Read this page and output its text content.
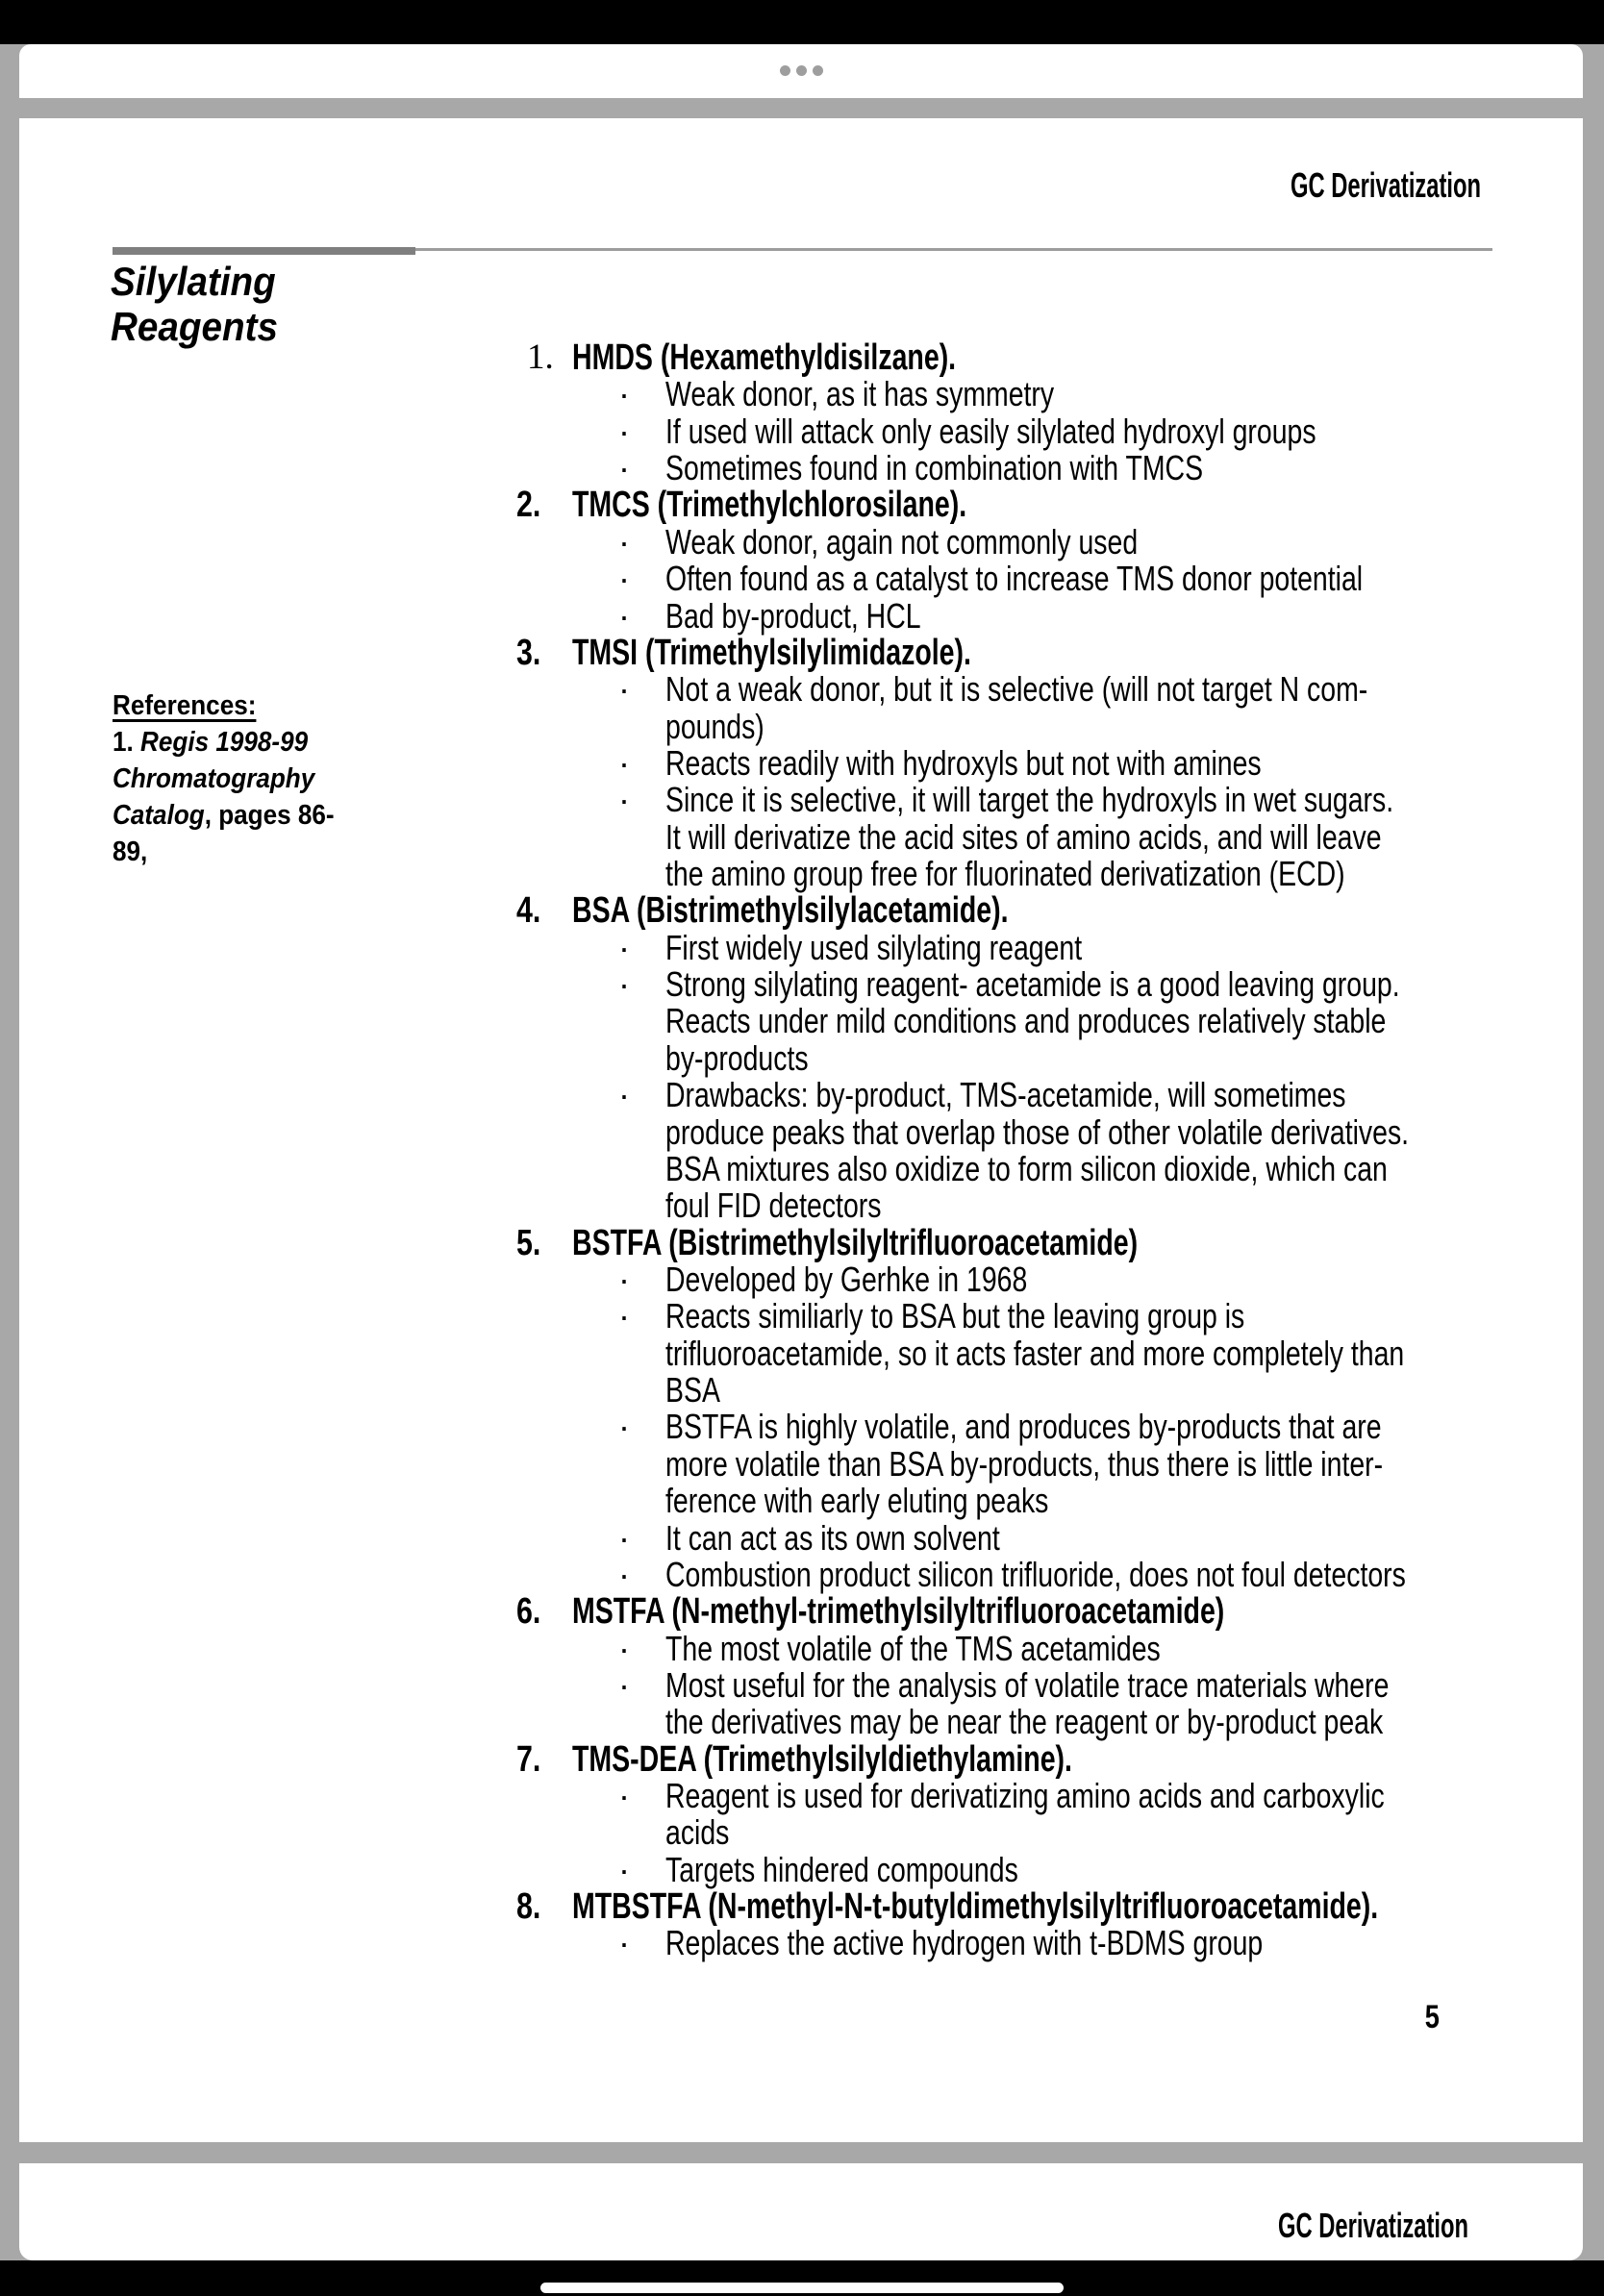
GC Derivatization
Silylating
Reagents
References:
1. Regis 1998-99
Chromatography
Catalog, pages 86-
89,
1. HMDS (Hexamethyldisilzane).
· Weak donor, as it has symmetry
· If used will attack only easily silylated hydroxyl groups
· Sometimes found in combination with TMCS
2. TMCS (Trimethylchlorosilane).
· Weak donor, again not commonly used
· Often found as a catalyst to increase TMS donor potential
· Bad by-product, HCL
3. TMSI (Trimethylsilylimidazole).
· Not a weak donor, but it is selective (will not target N com-
pounds)
· Reacts readily with hydroxyls but not with amines
· Since it is selective, it will target the hydroxyls in wet sugars.
It will derivatize the acid sites of amino acids, and will leave
the amino group free for fluorinated derivatization (ECD)
4. BSA (Bistrimethylsilylacetamide).
· First widely used silylating reagent
· Strong silylating reagent- acetamide is a good leaving group.
Reacts under mild conditions and produces relatively stable
by-products
· Drawbacks: by-product, TMS-acetamide, will sometimes
produce peaks that overlap those of other volatile derivatives.
BSA mixtures also oxidize to form silicon dioxide, which can
foul FID detectors
5. BSTFA (Bistrimethylsilyltrifluoroacetamide)
· Developed by Gerhke in 1968
· Reacts similiarly to BSA but the leaving group is
trifluoroacetamide, so it acts faster and more completely than
BSA
· BSTFA is highly volatile, and produces by-products that are
more volatile than BSA by-products, thus there is little inter-
ference with early eluting peaks
· It can act as its own solvent
· Combustion product silicon trifluoride, does not foul detectors
6. MSTFA (N-methyl-trimethylsilyltrifluoroacetamide)
· The most volatile of the TMS acetamides
· Most useful for the analysis of volatile trace materials where
the derivatives may be near the reagent or by-product peak
7. TMS-DEA (Trimethylsilyldiethylamine).
· Reagent is used for derivatizing amino acids and carboxylic
acids
· Targets hindered compounds
8. MTBSTFA (N-methyl-N-t-butyldimethylsilyltrifluoroacetamide).
· Replaces the active hydrogen with t-BDMS group
5
GC Derivatization
